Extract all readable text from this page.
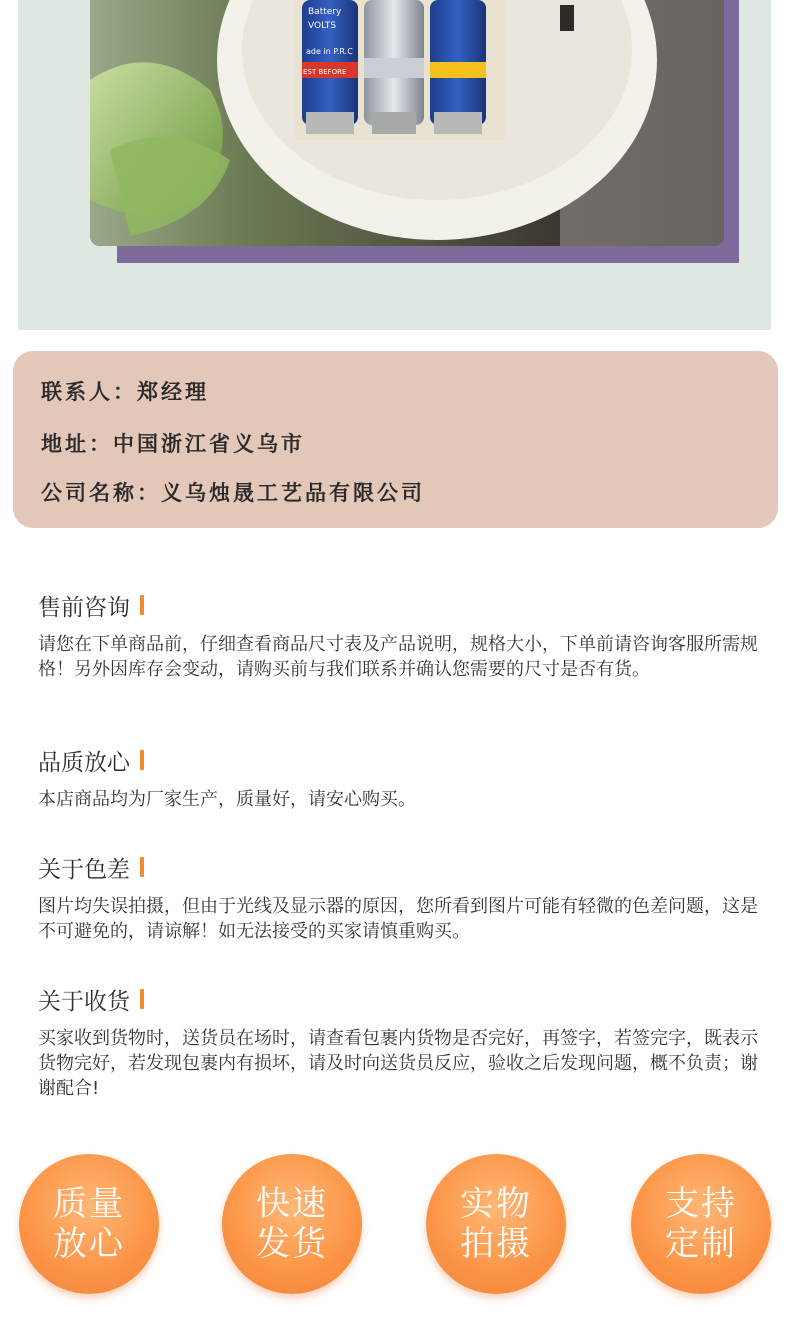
Battery
VOLTS
ade in P.R.C
EST BEFORE
联系人：郑经理
地址：中国浙江省义乌市
公司名称：义乌烛晟工艺品有限公司
售前咨询
请您在下单商品前，仔细查看商品尺寸表及产品说明，规格大小，下单前请咨询客服所需规格！另外因库存会变动，请购买前与我们联系并确认您需要的尺寸是否有货。
品质放心
本店商品均为厂家生产，质量好，请安心购买。
关于色差
图片均失误拍摄，但由于光线及显示器的原因，您所看到图片可能有轻微的色差问题，这是不可避免的，请谅解！如无法接受的买家请慎重购买。
关于收货
买家收到货物时，送货员在场时，请查看包裹内货物是否完好，再签字，若签完字，既表示货物完好，若发现包裹内有损坏，请及时向送货员反应，验收之后发现问题，概不负责；谢谢配合!
质量
放心
快速
发货
实物
拍摄
支持
定制
